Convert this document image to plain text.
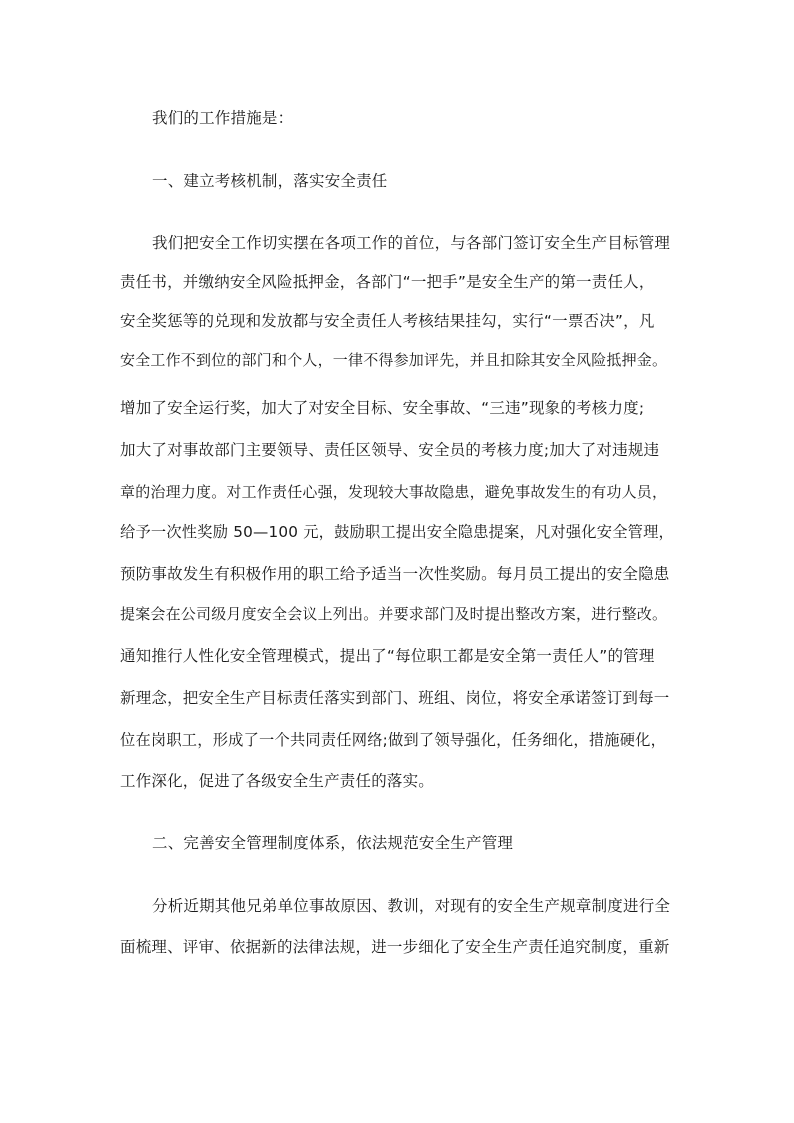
我们的工作措施是：
一、建立考核机制，落实安全责任
我们把安全工作切实摆在各项工作的首位，与各部门签订安全生产目标管理
责任书，并缴纳安全风险抵押金，各部门“一把手”是安全生产的第一责任人，
安全奖惩等的兑现和发放都与安全责任人考核结果挂勾，实行“一票否决”，凡
安全工作不到位的部门和个人，一律不得参加评先，并且扣除其安全风险抵押金。
增加了安全运行奖，加大了对安全目标、安全事故、“三违”现象的考核力度;
加大了对事故部门主要领导、责任区领导、安全员的考核力度;加大了对违规违
章的治理力度。对工作责任心强，发现较大事故隐患，避免事故发生的有功人员，
给予一次性奖励 50—100 元，鼓励职工提出安全隐患提案，凡对强化安全管理，
预防事故发生有积极作用的职工给予适当一次性奖励。每月员工提出的安全隐患
提案会在公司级月度安全会议上列出。并要求部门及时提出整改方案，进行整改。
通知推行人性化安全管理模式，提出了“每位职工都是安全第一责任人”的管理
新理念，把安全生产目标责任落实到部门、班组、岗位，将安全承诺签订到每一
位在岗职工，形成了一个共同责任网络;做到了领导强化，任务细化，措施硬化，
工作深化，促进了各级安全生产责任的落实。
二、完善安全管理制度体系，依法规范安全生产管理
分析近期其他兄弟单位事故原因、教训，对现有的安全生产规章制度进行全
面梳理、评审、依据新的法律法规，进一步细化了安全生产责任追究制度，重新
